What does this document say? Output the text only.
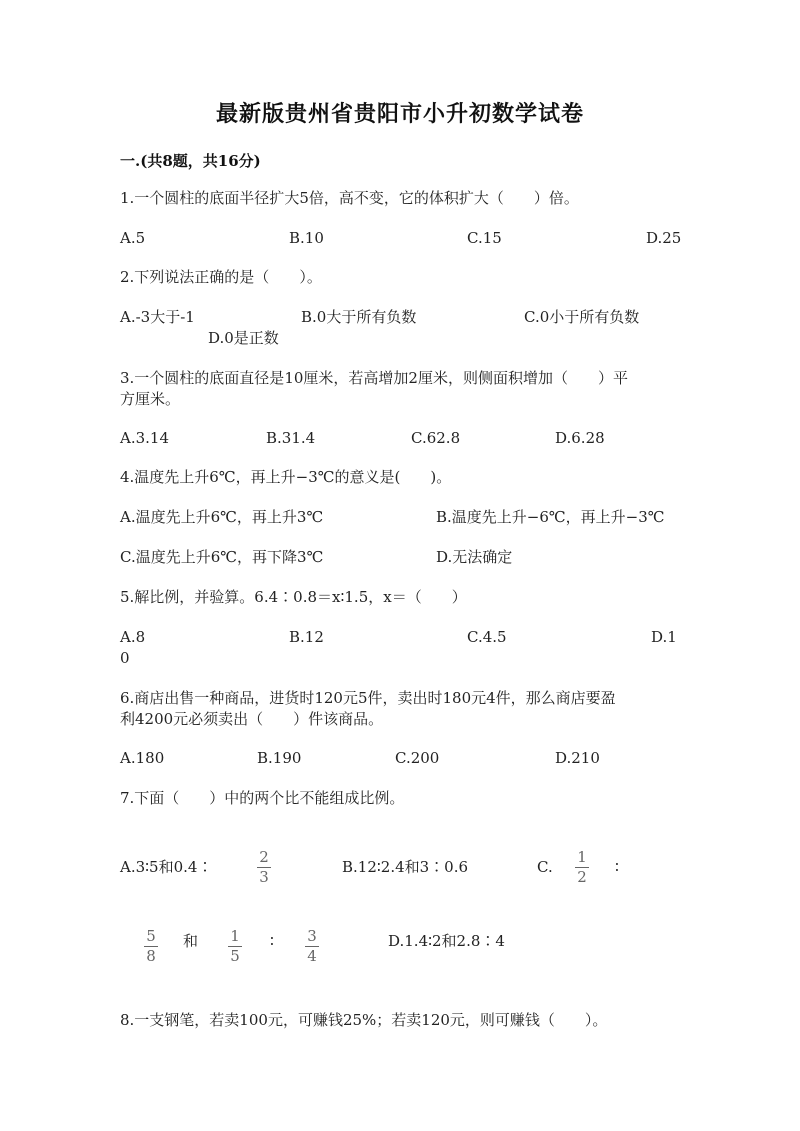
最新版贵州省贵阳市小升初数学试卷
一.(共8题，共16分)
1.一个圆柱的底面半径扩大5倍，高不变，它的体积扩大（　　）倍。
A.5	B.10	C.15	D.25
2.下列说法正确的是（　　）。
A.-3大于-1	B.0大于所有负数	C.0小于所有负数
D.0是正数
3.一个圆柱的底面直径是10厘米，若高增加2厘米，则侧面积增加（　　）平
方厘米。
A.3.14	B.31.4	C.62.8	D.6.28
4.温度先上升6℃，再上升−3℃的意义是(　　)。
A.温度先上升6℃，再上升3℃	B.温度先上升−6℃，再上升−3℃
C.温度先上升6℃，再下降3℃	D.无法确定
5.解比例，并验算。6.4∶0.8＝x∶1.5，x＝（　　）
A.8	B.12	C.4.5	D.1
0
6.商店出售一种商品，进货时120元5件，卖出时180元4件，那么商店要盈
利4200元必须卖出（　　）件该商品。
A.180	B.190	C.200	D.210
7.下面（　　）中的两个比不能组成比例。
A.3∶5和0.4∶
2
3
B.12∶2.4和3∶0.6	C.
1
2
∶
5
8
和 1
5
∶ 3
4
D.1.4∶2和2.8∶4
8.一支钢笔，若卖100元，可赚钱25%；若卖120元，则可赚钱（　　）。
